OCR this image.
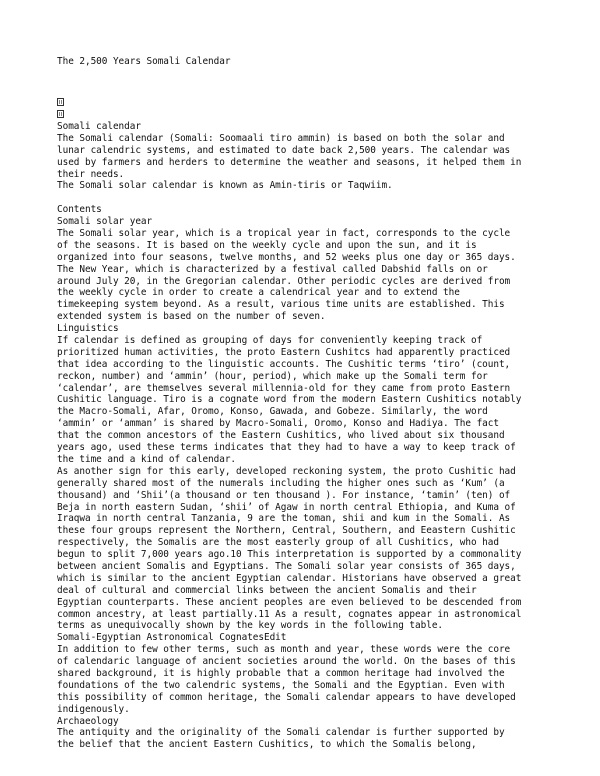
The 2,500 Years Somali Calendar
Somali calendar
The Somali calendar (Somali: Soomaali tiro ammin) is based on both the solar and
lunar calendric systems, and estimated to date back 2,500 years. The calendar was
used by farmers and herders to determine the weather and seasons, it helped them in
their needs.
The Somali solar calendar is known as Amin-tiris or Taqwiim.
Contents
Somali solar year
The Somali solar year, which is a tropical year in fact, corresponds to the cycle
of the seasons. It is based on the weekly cycle and upon the sun, and it is
organized into four seasons, twelve months, and 52 weeks plus one day or 365 days.
The New Year, which is characterized by a festival called Dabshid falls on or
around July 20, in the Gregorian calendar. Other periodic cycles are derived from
the weekly cycle in order to create a calendrical year and to extend the
timekeeping system beyond. As a result, various time units are established. This
extended system is based on the number of seven.
Linguistics
If calendar is defined as grouping of days for conveniently keeping track of
prioritized human activities, the proto Eastern Cushitcs had apparently practiced
that idea according to the linguistic accounts. The Cushitic terms ‘tiro’ (count,
reckon, number) and ‘ammin’ (hour, period), which make up the Somali term for
‘calendar’, are themselves several millennia-old for they came from proto Eastern
Cushitic language. Tiro is a cognate word from the modern Eastern Cushitics notably
the Macro-Somali, Afar, Oromo, Konso, Gawada, and Gobeze. Similarly, the word
‘ammin’ or ‘amman’ is shared by Macro-Somali, Oromo, Konso and Hadiya. The fact
that the common ancestors of the Eastern Cushitics, who lived about six thousand
years ago, used these terms indicates that they had to have a way to keep track of
the time and a kind of calendar.
As another sign for this early, developed reckoning system, the proto Cushitic had
generally shared most of the numerals including the higher ones such as ‘Kum’ (a
thousand) and ‘Shii’(a thousand or ten thousand ). For instance, ‘tamin’ (ten) of
Beja in north eastern Sudan, ‘shii’ of Agaw in north central Ethiopia, and Kuma of
Iraqwa in north central Tanzania, 9 are the toman, shii and kum in the Somali. As
these four groups represent the Northern, Central, Southern, and Eeastern Cushitic
respectively, the Somalis are the most easterly group of all Cushitics, who had
begun to split 7,000 years ago.10 This interpretation is supported by a commonality
between ancient Somalis and Egyptians. The Somali solar year consists of 365 days,
which is similar to the ancient Egyptian calendar. Historians have observed a great
deal of cultural and commercial links between the ancient Somalis and their
Egyptian counterparts. These ancient peoples are even believed to be descended from
common ancestry, at least partially.11 As a result, cognates appear in astronomical
terms as unequivocally shown by the key words in the following table.
Somali-Egyptian Astronomical CognatesEdit
In addition to few other terms, such as month and year, these words were the core
of calendaric language of ancient societies around the world. On the bases of this
shared background, it is highly probable that a common heritage had involved the
foundations of the two calendric systems, the Somali and the Egyptian. Even with
this possibility of common heritage, the Somali calendar appears to have developed
indigenously.
Archaeology
The antiquity and the originality of the Somali calendar is further supported by
the belief that the ancient Eastern Cushitics, to which the Somalis belong,
